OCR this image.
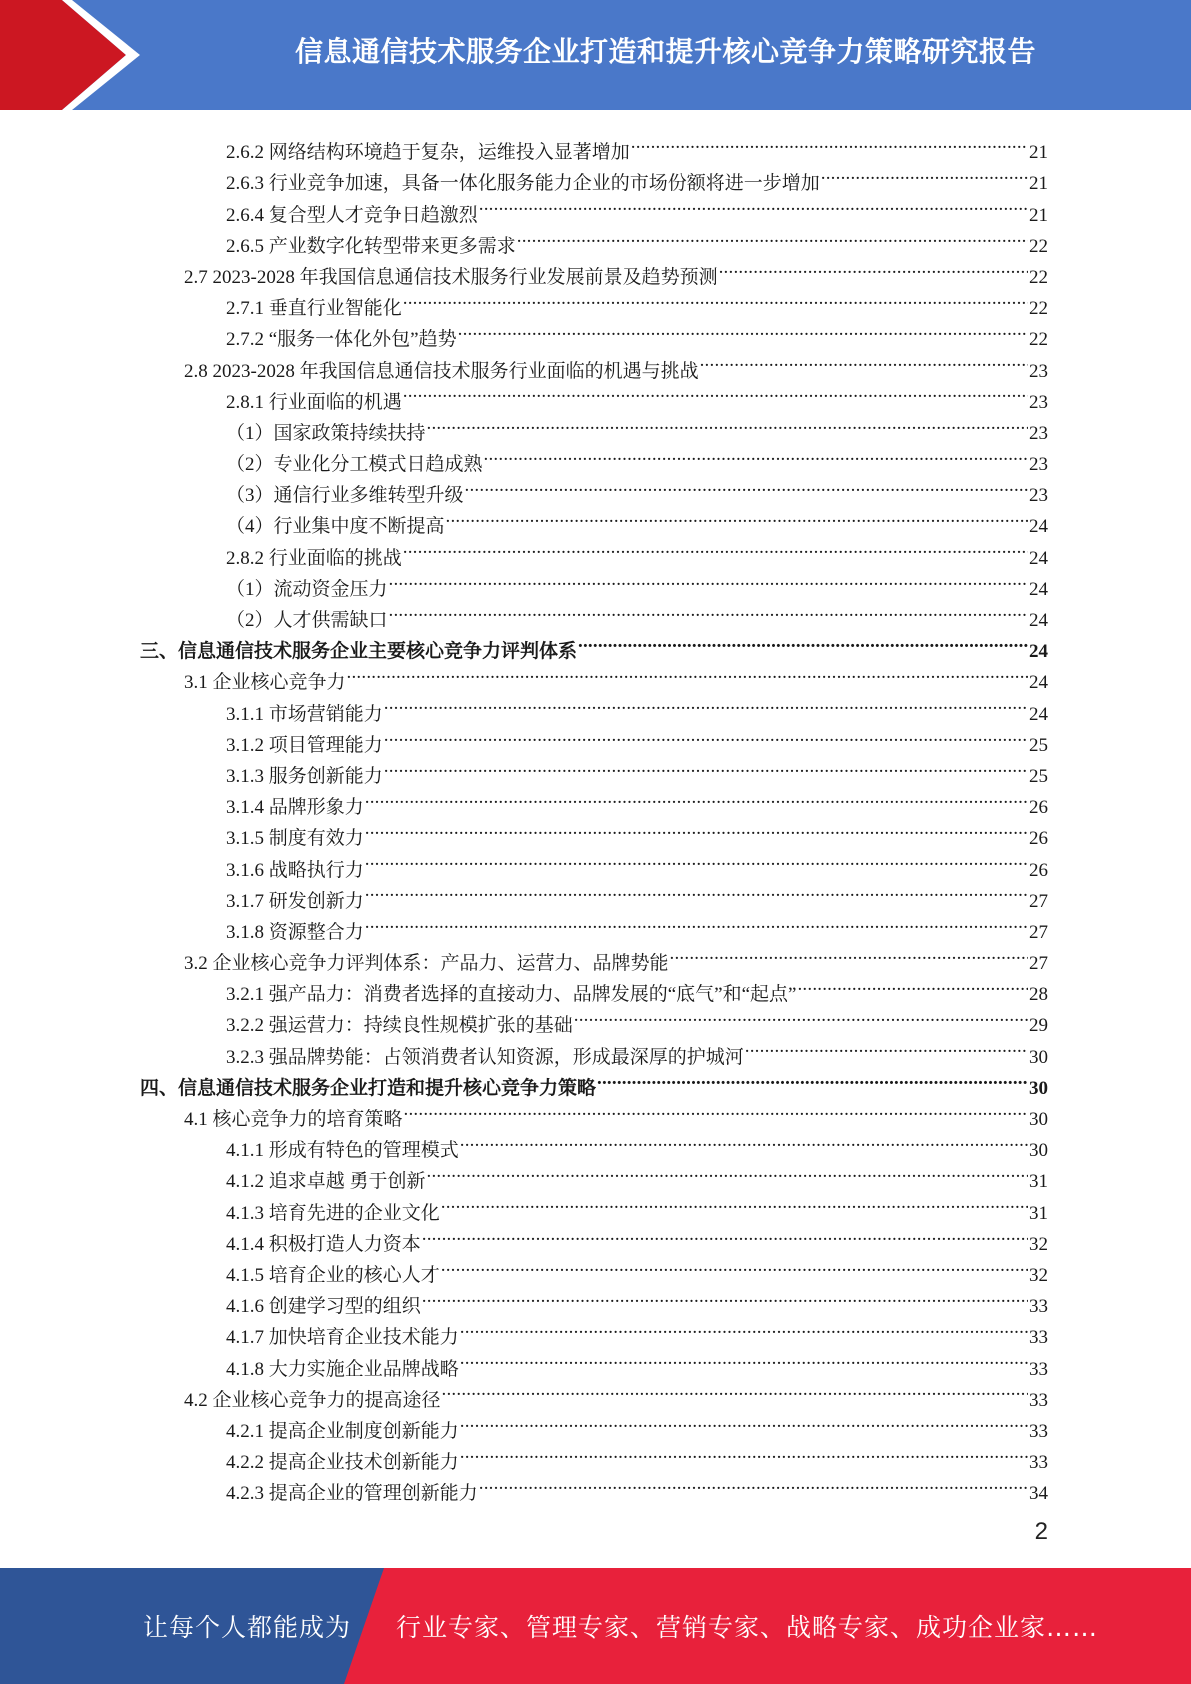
信息通信技术服务企业打造和提升核心竞争力策略研究报告
2.6.2 网络结构环境趋于复杂，运维投入显著增加 .....	21
2.6.3 行业竞争加速，具备一体化服务能力企业的市场份额将进一步增加 .....	21
2.6.4 复合型人才竞争日趋激烈 .....	21
2.6.5 产业数字化转型带来更多需求 .....	22
2.7 2023-2028 年我国信息通信技术服务行业发展前景及趋势预测 .....	22
2.7.1 垂直行业智能化 .....	22
2.7.2 “服务一体化外包”趋势 .....	22
2.8 2023-2028 年我国信息通信技术服务行业面临的机遇与挑战 .....	23
2.8.1 行业面临的机遇 .....	23
（1）国家政策持续扶持 .....	23
（2）专业化分工模式日趋成熟 .....	23
（3）通信行业多维转型升级 .....	23
（4）行业集中度不断提高 .....	24
2.8.2 行业面临的挑战 .....	24
（1）流动资金压力 .....	24
（2）人才供需缺口 .....	24
三、信息通信技术服务企业主要核心竞争力评判体系 .....	24
3.1 企业核心竞争力 .....	24
3.1.1 市场营销能力 .....	24
3.1.2 项目管理能力 .....	25
3.1.3 服务创新能力 .....	25
3.1.4 品牌形象力 .....	26
3.1.5 制度有效力 .....	26
3.1.6 战略执行力 .....	26
3.1.7 研发创新力 .....	27
3.1.8 资源整合力 .....	27
3.2 企业核心竞争力评判体系：产品力、运营力、品牌势能 .....	27
3.2.1 强产品力：消费者选择的直接动力、品牌发展的“底气”和“起点” .....	28
3.2.2 强运营力：持续良性规模扩张的基础 .....	29
3.2.3 强品牌势能：占领消费者认知资源，形成最深厚的护城河 .....	30
四、信息通信技术服务企业打造和提升核心竞争力策略 .....	30
4.1 核心竞争力的培育策略 .....	30
4.1.1 形成有特色的管理模式 .....	30
4.1.2 追求卓越 勇于创新 .....	31
4.1.3 培育先进的企业文化 .....	31
4.1.4 积极打造人力资本 .....	32
4.1.5 培育企业的核心人才 .....	32
4.1.6 创建学习型的组织 .....	33
4.1.7 加快培育企业技术能力 .....	33
4.1.8 大力实施企业品牌战略 .....	33
4.2 企业核心竞争力的提高途径 .....	33
4.2.1 提高企业制度创新能力 .....	33
4.2.2 提高企业技术创新能力 .....	33
4.2.3 提高企业的管理创新能力 .....	34
2
让每个人都能成为 行业专家、管理专家、营销专家、战略专家、成功企业家……
